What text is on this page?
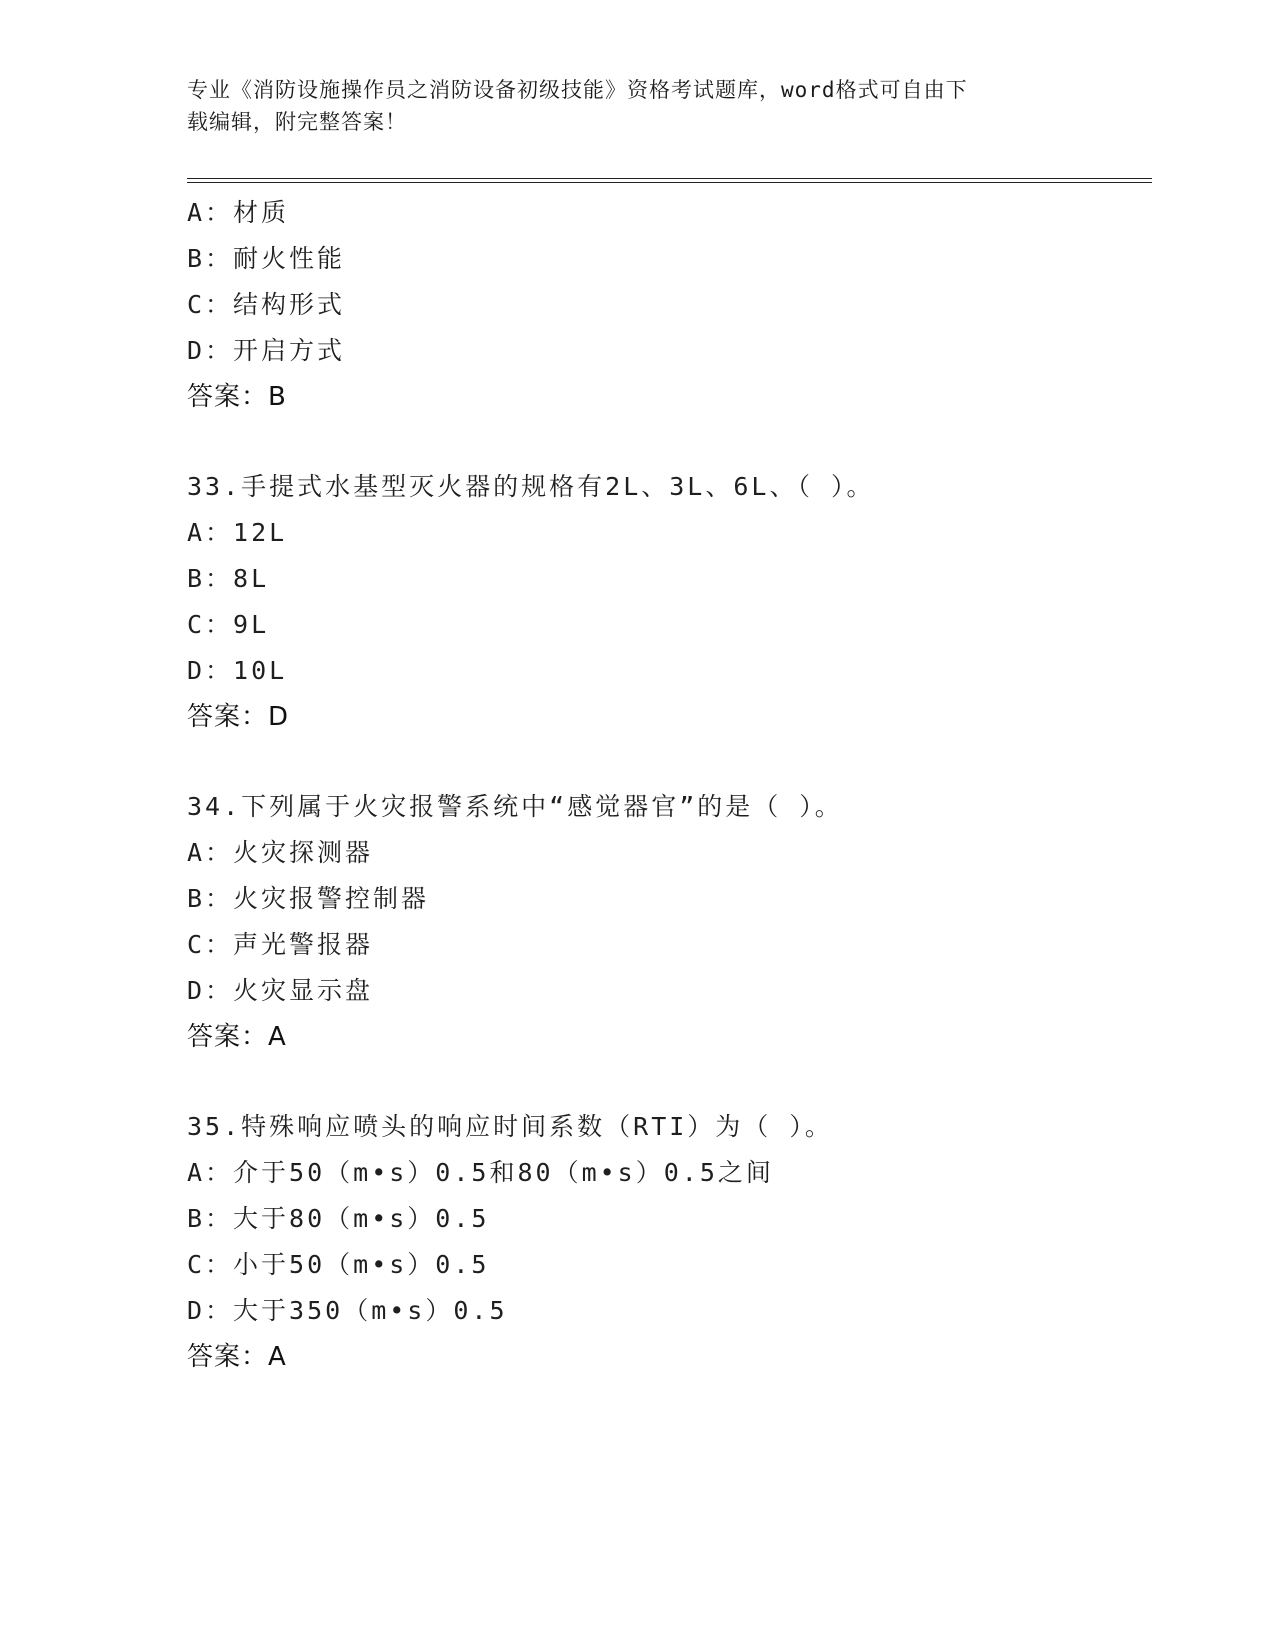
专业《消防设施操作员之消防设备初级技能》资格考试题库，word格式可自由下
载编辑，附完整答案！
A：材质
B：耐火性能
C：结构形式
D：开启方式
答案：B
33.手提式水基型灭火器的规格有2L、3L、6L、（ ）。
A：12L
B：8L
C：9L
D：10L
答案：D
34.下列属于火灾报警系统中“感觉器官”的是（ ）。
A：火灾探测器
B：火灾报警控制器
C：声光警报器
D：火灾显示盘
答案：A
35.特殊响应喷头的响应时间系数（RTI）为（ ）。
A：介于50（m•s）0.5和80（m•s）0.5之间
B：大于80（m•s）0.5
C：小于50（m•s）0.5
D：大于350（m•s）0.5
答案：A
